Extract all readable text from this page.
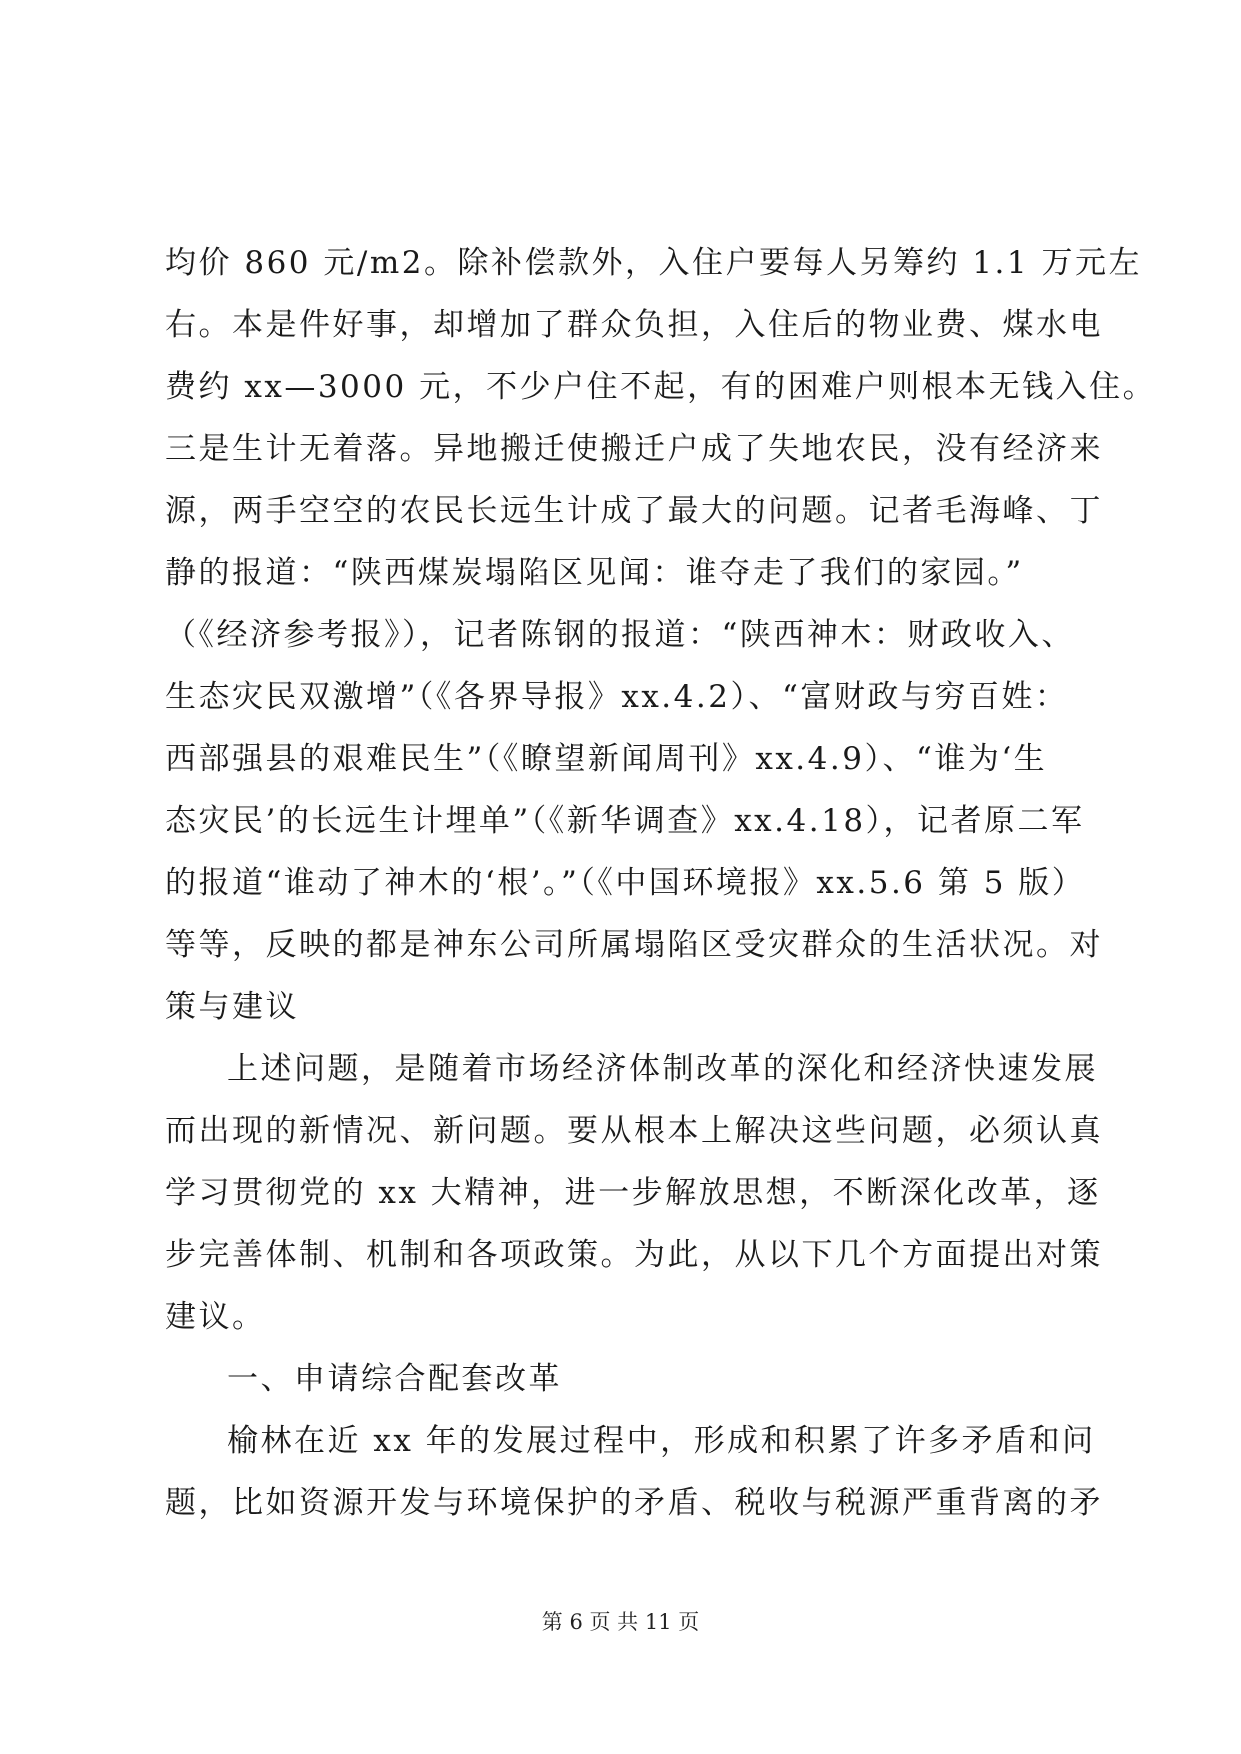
均价 860 元/m2。除补偿款外，入住户要每人另筹约 1.1 万元左
右。本是件好事，却增加了群众负担，入住后的物业费、煤水电
费约 xx—3000 元，不少户住不起，有的困难户则根本无钱入住。
三是生计无着落。异地搬迁使搬迁户成了失地农民，没有经济来
源，两手空空的农民长远生计成了最大的问题。记者毛海峰、丁
静的报道：“陕西煤炭塌陷区见闻：谁夺走了我们的家园。”
（《经济参考报》），记者陈钢的报道：“陕西神木：财政收入、
生态灾民双激增”（《各界导报》xx.4.2）、“富财政与穷百姓：
西部强县的艰难民生”（《瞭望新闻周刊》xx.4.9）、“谁为‘生
态灾民’的长远生计埋单”（《新华调查》xx.4.18），记者原二军
的报道“谁动了神木的‘根’。”（《中国环境报》xx.5.6 第 5 版）
等等，反映的都是神东公司所属塌陷区受灾群众的生活状况。对
策与建议
上述问题，是随着市场经济体制改革的深化和经济快速发展
而出现的新情况、新问题。要从根本上解决这些问题，必须认真
学习贯彻党的 xx 大精神，进一步解放思想，不断深化改革，逐
步完善体制、机制和各项政策。为此，从以下几个方面提出对策
建议。
一、申请综合配套改革
榆林在近 xx 年的发展过程中，形成和积累了许多矛盾和问
题，比如资源开发与环境保护的矛盾、税收与税源严重背离的矛
第 6 页 共 11 页
